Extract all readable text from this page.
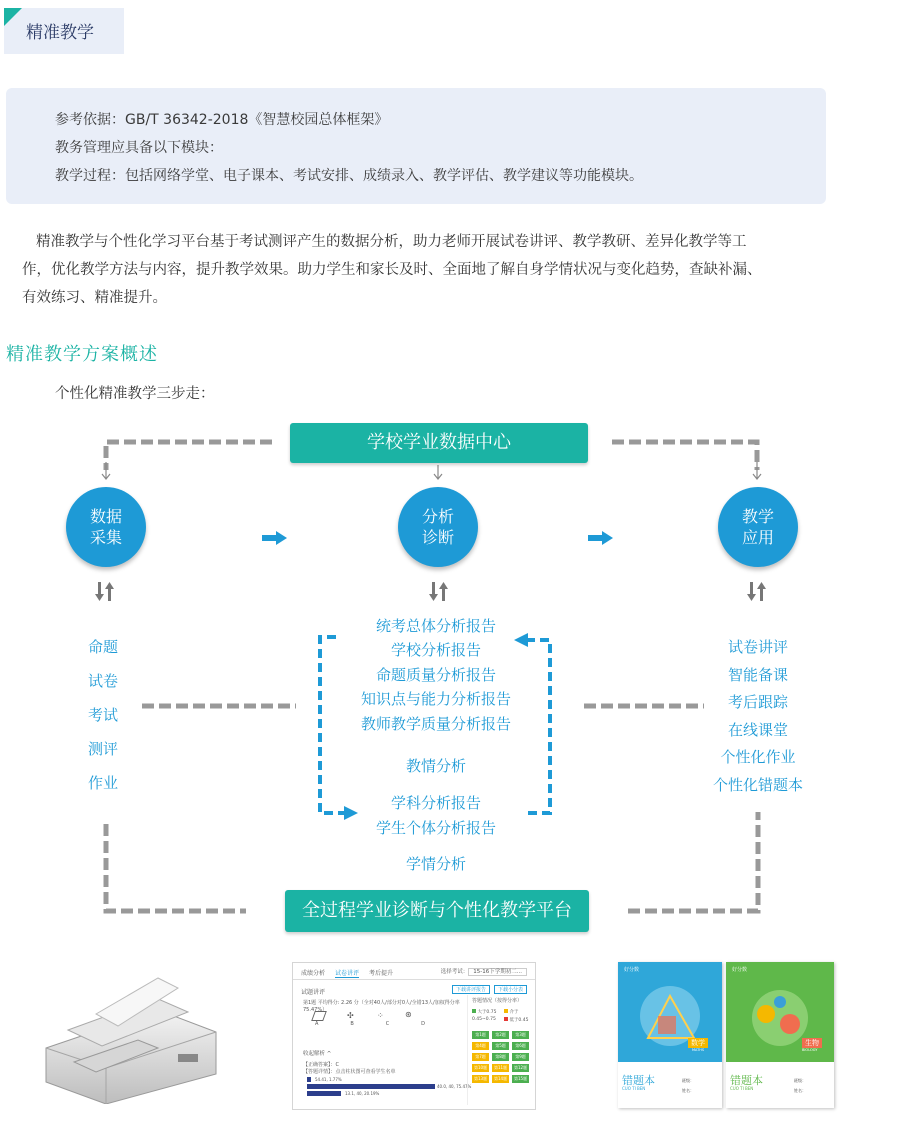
精准教学
参考依据：GB/T 36342-2018《智慧校园总体框架》
教务管理应具备以下模块：
教学过程：包括网络学堂、电子课本、考试安排、成绩录入、教学评估、教学建议等功能模块。
精准教学与个性化学习平台基于考试测评产生的数据分析，助力老师开展试卷讲评、教学教研、差异化教学等工作，优化教学方法与内容，提升教学效果。助力学生和家长及时、全面地了解自身学情状况与变化趋势，查缺补漏、有效练习、精准提升。
精准教学方案概述
个性化精准教学三步走：
学校学业数据中心
全过程学业诊断与个性化教学平台
数据
采集
分析
诊断
教学
应用
命题
试卷
考试
测评
作业
统考总体分析报告
学校分析报告
命题质量分析报告
知识点与能力分析报告
教师教学质量分析报告
教情分析
学科分析报告
学生个体分析报告
学情分析
试卷讲评
智能备课
考后跟踪
在线课堂
个性化作业
个性化错题本
成绩分析 试卷讲评 考后提升	选择考试： 15-16下学期初二...
下载讲评报告	下载小分表
试题讲评
第1题 平均得分: 2.26 分（全对40人/部分对0人/全错13人/加权得分率75.47%）
A	B	C	D
✣	⁘	⊛
收起解析 ^
【正确答案】：C
【答题详情】：点击柱状图可查看学生名单
54.41, 1.77%
40.0, 40, 75.47%
13.1, 40, 20.19%
答题情况（按得分率）
大于0.75	介于
0.45~0.75	低于0.45
第1题	第2题	第3题
第4题	第5题	第6题
第7题	第8题	第9题
第10题	第11题	第12题
第13题	第14题	第15题
好分数
数学
MATHS
错题本
CUO TI BEN
班级：
姓名：
好分数
生物
BIOLOGY
错题本
CUO TI BEN
班级：
姓名：
